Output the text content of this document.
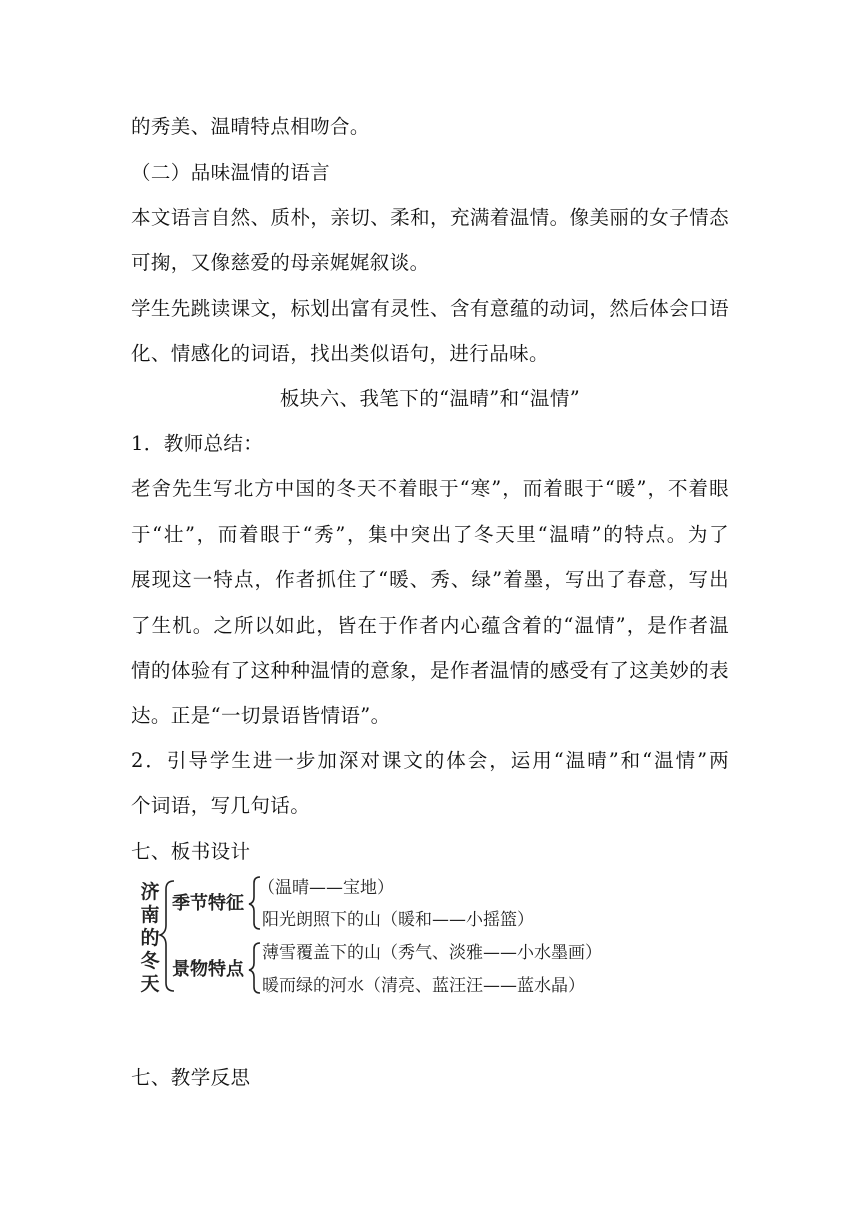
的秀美、温晴特点相吻合。
（二）品味温情的语言
本文语言自然、质朴，亲切、柔和，充满着温情。像美丽的女子情态
可掬，又像慈爱的母亲娓娓叙谈。
学生先跳读课文，标划出富有灵性、含有意蕴的动词，然后体会口语
化、情感化的词语，找出类似语句，进行品味。
板块六、我笔下的“温晴”和“温情”
1．教师总结：
老舍先生写北方中国的冬天不着眼于“寒”，而着眼于“暖”，不着眼
于“壮”，而着眼于“秀”，集中突出了冬天里“温晴”的特点。为了
展现这一特点，作者抓住了“暖、秀、绿”着墨，写出了春意，写出
了生机。之所以如此，皆在于作者内心蕴含着的“温情”，是作者温
情的体验有了这种种温情的意象，是作者温情的感受有了这美妙的表
达。正是“一切景语皆情语”。
2．引导学生进一步加深对课文的体会，运用“温晴”和“温情”两
个词语，写几句话。
七、板书设计
济南的冬天
季节特征
（温晴——宝地）
阳光朗照下的山（暖和——小摇篮）
景物特点
薄雪覆盖下的山（秀气、淡雅——小水墨画）
暖而绿的河水（清亮、蓝汪汪——蓝水晶）
七、教学反思
